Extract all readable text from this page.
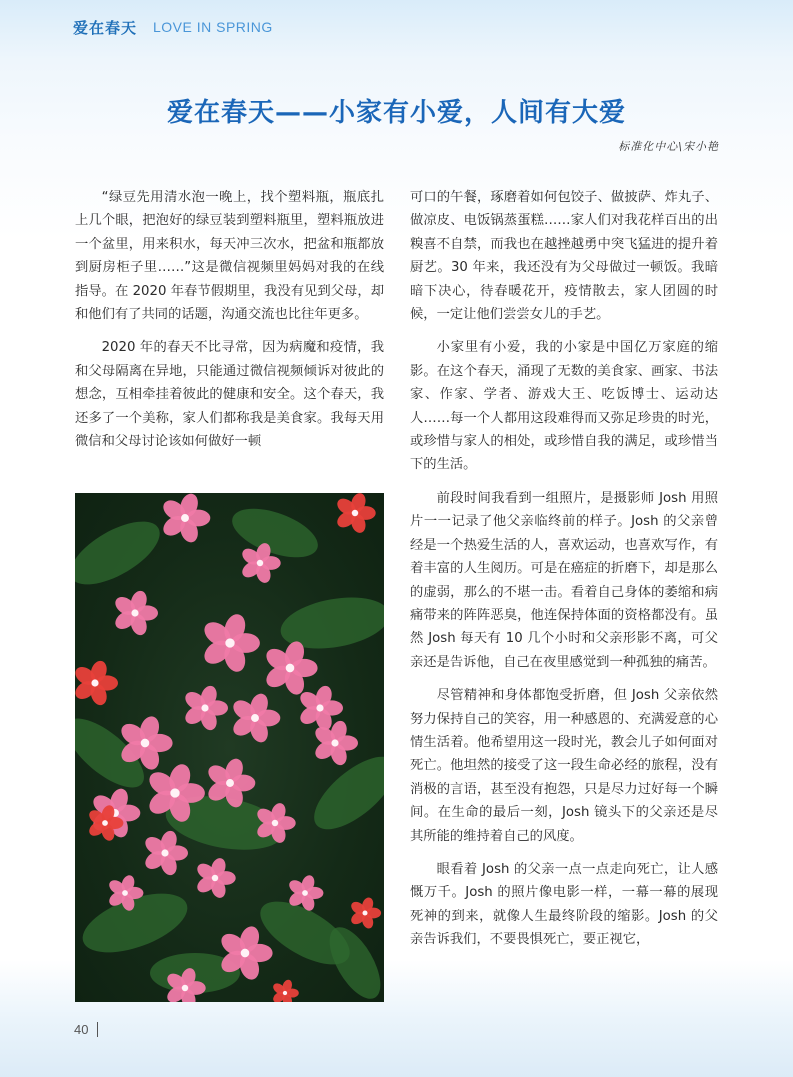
爱在春天 LOVE IN SPRING
爱在春天——小家有小爱，人间有大爱
标准化中心\宋小艳

“绿豆先用清水泡一晚上，找个塑料瓶，瓶底扎上几个眼，把泡好的绿豆装到塑料瓶里，塑料瓶放进一个盆里，用来积水，每天冲三次水，把盆和瓶都放到厨房柜子里……”这是微信视频里妈妈对我的在线指导。在 2020 年春节假期里，我没有见到父母，却和他们有了共同的话题，沟通交流也比往年更多。

2020 年的春天不比寻常，因为病魔和疫情，我和父母隔离在异地，只能通过微信视频倾诉对彼此的想念，互相牵挂着彼此的健康和安全。这个春天，我还多了一个美称，家人们都称我是美食家。我每天用微信和父母讨论该如何做好一顿

可口的午餐，琢磨着如何包饺子、做披萨、炸丸子、做凉皮、电饭锅蒸蛋糕……家人们对我花样百出的出糗喜不自禁，而我也在越挫越勇中突飞猛进的提升着厨艺。30 年来，我还没有为父母做过一顿饭。我暗暗下决心，待春暖花开，疫情散去，家人团圆的时候，一定让他们尝尝女儿的手艺。

小家里有小爱，我的小家是中国亿万家庭的缩影。在这个春天，涌现了无数的美食家、画家、书法家、作家、学者、游戏大王、吃饭博士、运动达人……每一个人都用这段难得而又弥足珍贵的时光，或珍惜与家人的相处，或珍惜自我的满足，或珍惜当下的生活。

前段时间我看到一组照片，是摄影师 Josh 用照片一一记录了他父亲临终前的样子。Josh 的父亲曾经是一个热爱生活的人，喜欢运动，也喜欢写作，有着丰富的人生阅历。可是在癌症的折磨下，却是那么的虚弱，那么的不堪一击。看着自己身体的萎缩和病痛带来的阵阵恶臭，他连保持体面的资格都没有。虽然 Josh 每天有 10 几个小时和父亲形影不离，可父亲还是告诉他，自己在夜里感觉到一种孤独的痛苦。

尽管精神和身体都饱受折磨，但 Josh 父亲依然努力保持自己的笑容，用一种感恩的、充满爱意的心情生活着。他希望用这一段时光，教会儿子如何面对死亡。他坦然的接受了这一段生命必经的旅程，没有消极的言语，甚至没有抱怨，只是尽力过好每一个瞬间。在生命的最后一刻，Josh 镜头下的父亲还是尽其所能的维持着自己的风度。

眼看着 Josh 的父亲一点一点走向死亡，让人感慨万千。Josh 的照片像电影一样，一幕一幕的展现死神的到来，就像人生最终阶段的缩影。Josh 的父亲告诉我们，不要畏惧死亡，要正视它，

40
